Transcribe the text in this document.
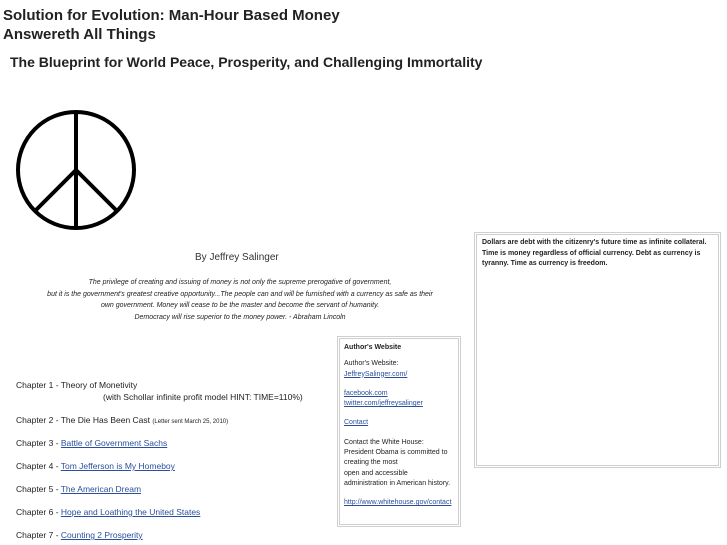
Solution for Evolution: Man-Hour Based Money
Answereth All Things
The Blueprint for World Peace, Prosperity, and Challenging Immortality
By Jeffrey Salinger
The privilege of creating and issuing of money is not only the supreme prerogative of government,
but it is the government's greatest creative opportunity...The people can and will be furnished with a currency as safe as their
own government. Money will cease to be the master and become the servant of humanity.
Democracy will rise superior to the money power. - Abraham Lincoln
Chapter 1 - Theory of Monetivity
(with Schollar infinite profit model HINT: TIME=110%)
Chapter 2 - The Die Has Been Cast (Letter sent March 25, 2010)
Chapter 3 - Battle of Government Sachs
Chapter 4 - Tom Jefferson is My Homeboy
Chapter 5 - The American Dream
Chapter 6 - Hope and Loathing the United States
Chapter 7 - Counting 2 Prosperity
Author's Website
Author's Website:
JeffreySalinger.com/
facebook.com
twitter.com/jeffreysalinger
Contact
Contact the White House:
President Obama is committed to
creating the most
open and accessible
administration in American history.
http://www.whitehouse.gov/contact
Dollars are debt with the citizenry's future time as infinite collateral. Time is money regardless of official currency. Debt as currency is tyranny. Time as currency is freedom.
